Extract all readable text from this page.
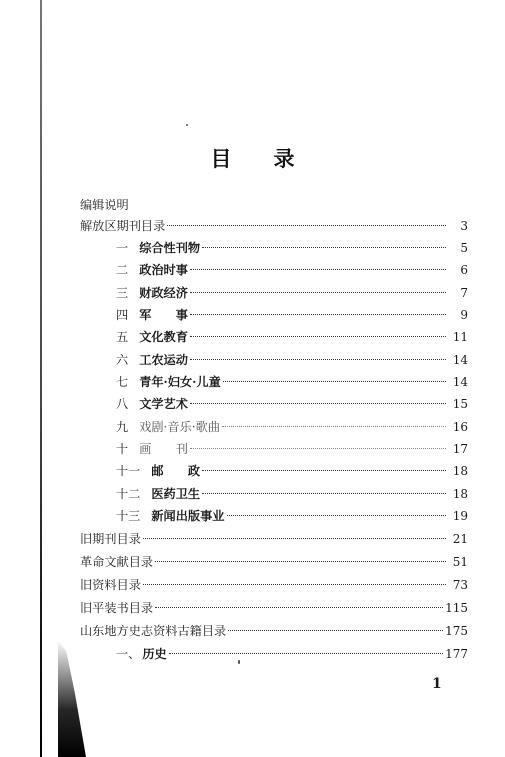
目 录
编辑说明
解放区期刊目录	3
一 综合性刊物	5
二 政治时事	6
三 财政经济	7
四 军　　事	9
五 文化教育	11
六 工农运动	14
七 青年·妇女·儿童	14
八 文学艺术	15
九 戏剧·音乐·歌曲	16
十 画　　刊	17
十一 邮　　政	18
十二 医药卫生	18
十三 新闻出版事业	19
旧期刊目录	21
革命文献目录	51
旧资料目录	73
旧平装书目录	115
山东地方史志资料古籍目录	175
一、 历史	177
1
